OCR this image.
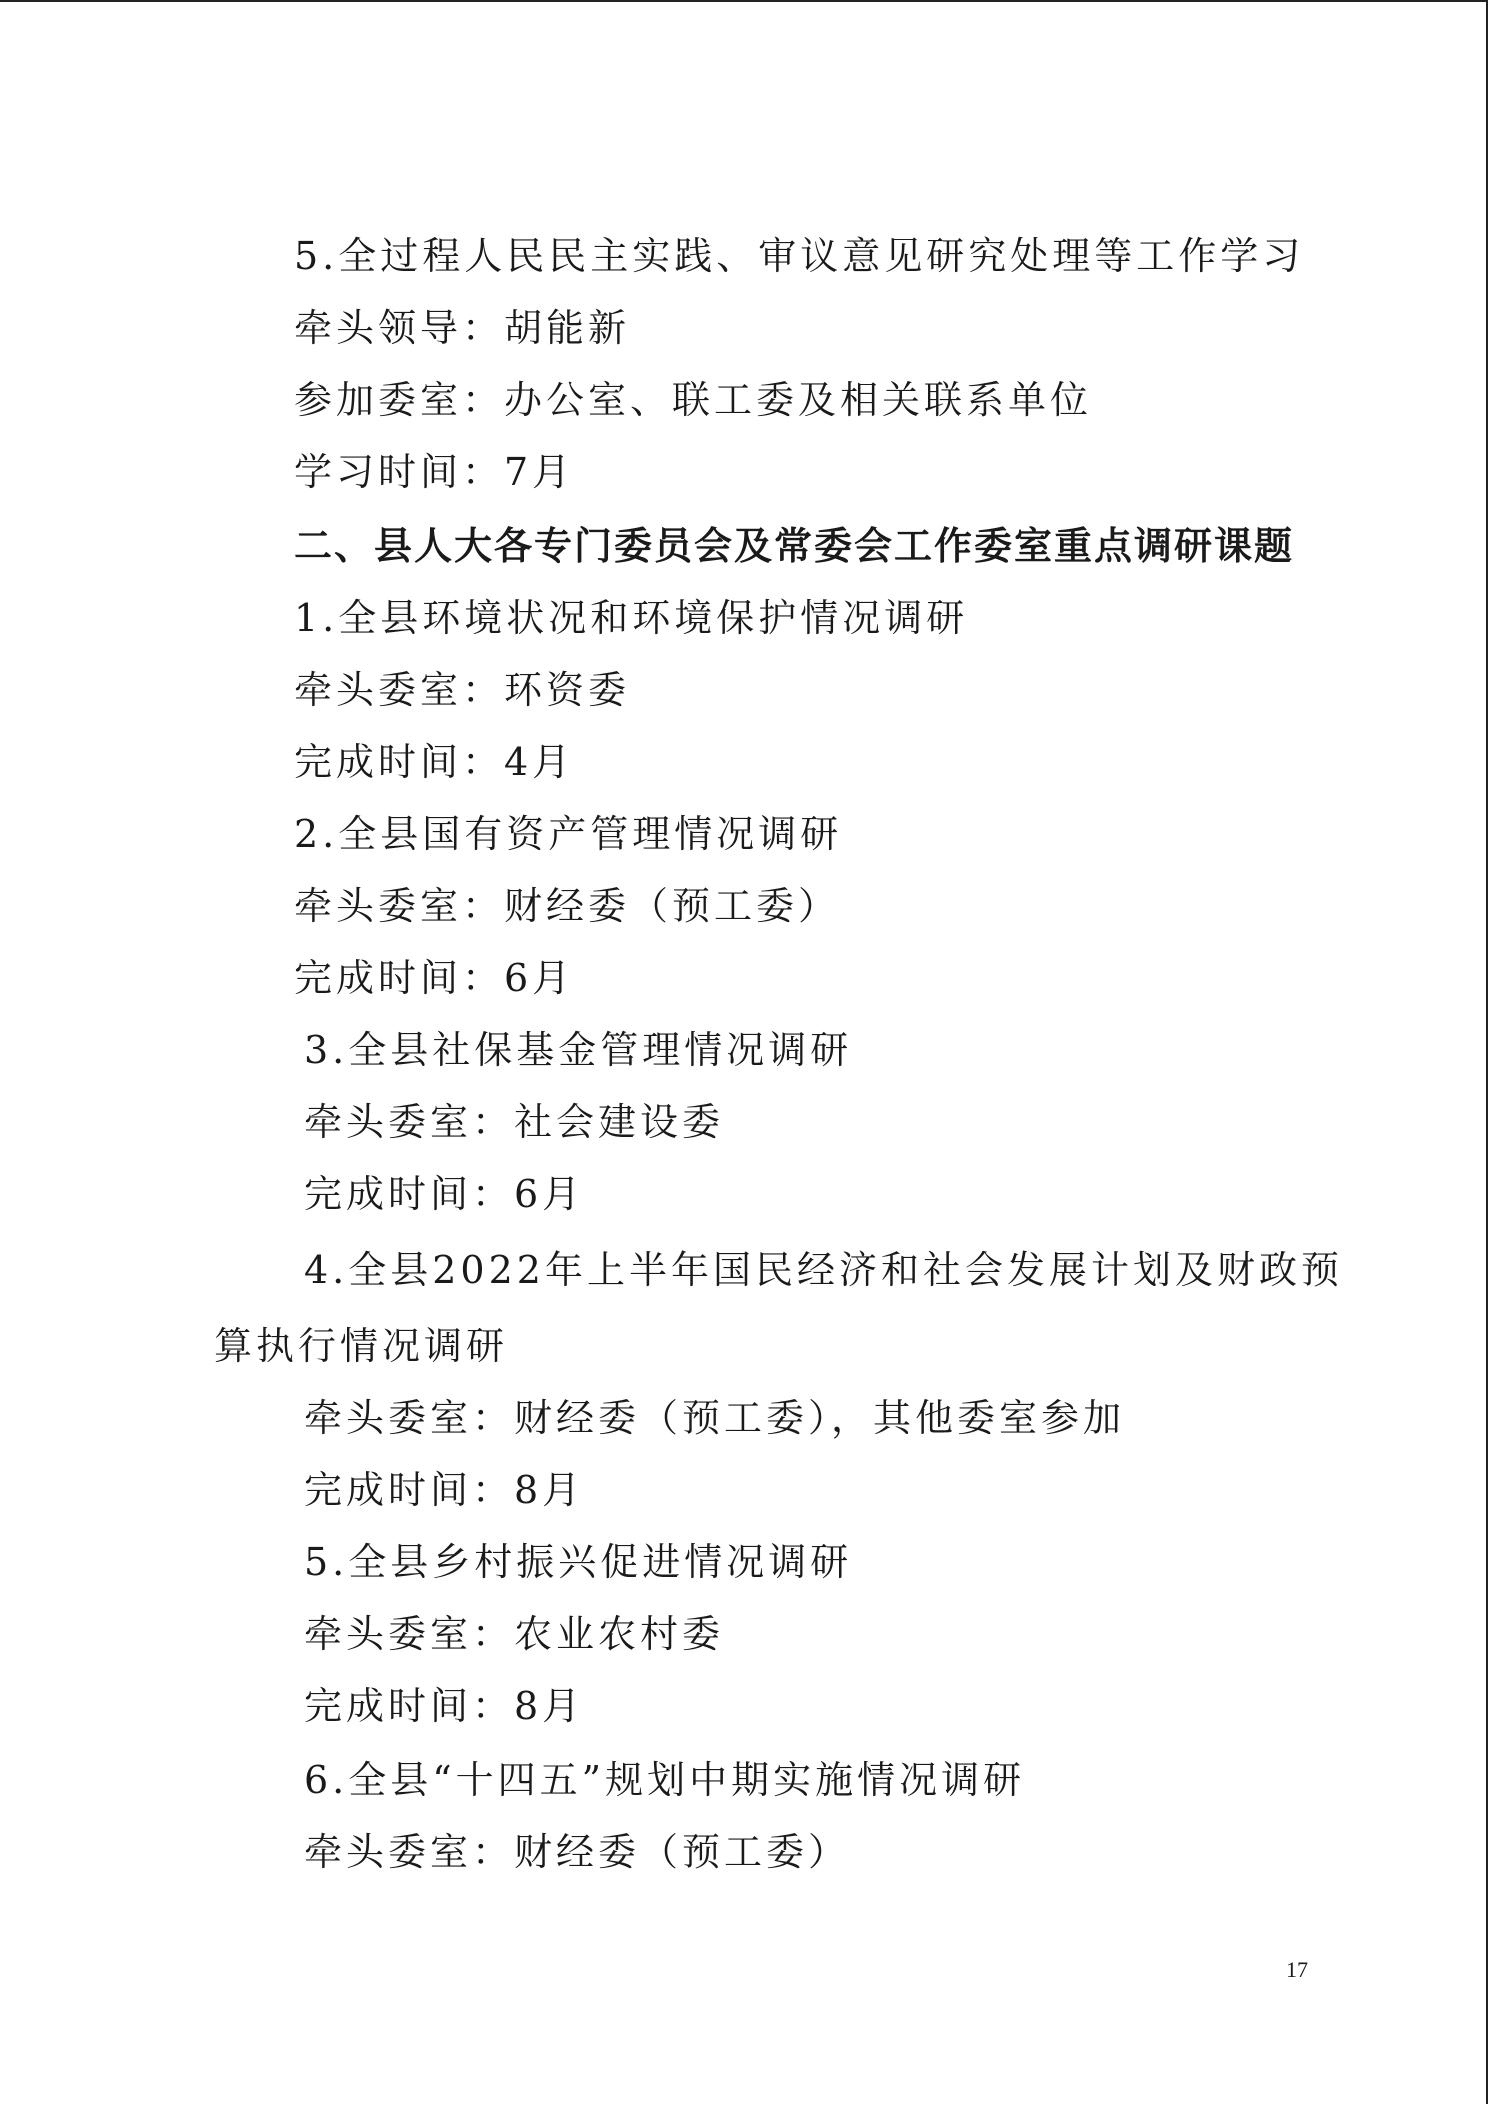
5.全过程人民民主实践、审议意见研究处理等工作学习
牵头领导：胡能新
参加委室：办公室、联工委及相关联系单位
学习时间：7月
二、县人大各专门委员会及常委会工作委室重点调研课题
1.全县环境状况和环境保护情况调研
牵头委室：环资委
完成时间：4月
2.全县国有资产管理情况调研
牵头委室：财经委（预工委）
完成时间：6月
3.全县社保基金管理情况调研
牵头委室：社会建设委
完成时间：6月
4.全县2022年上半年国民经济和社会发展计划及财政预
算执行情况调研
牵头委室：财经委（预工委），其他委室参加
完成时间：8月
5.全县乡村振兴促进情况调研
牵头委室：农业农村委
完成时间：8月
6.全县“十四五”规划中期实施情况调研
牵头委室：财经委（预工委）
17
